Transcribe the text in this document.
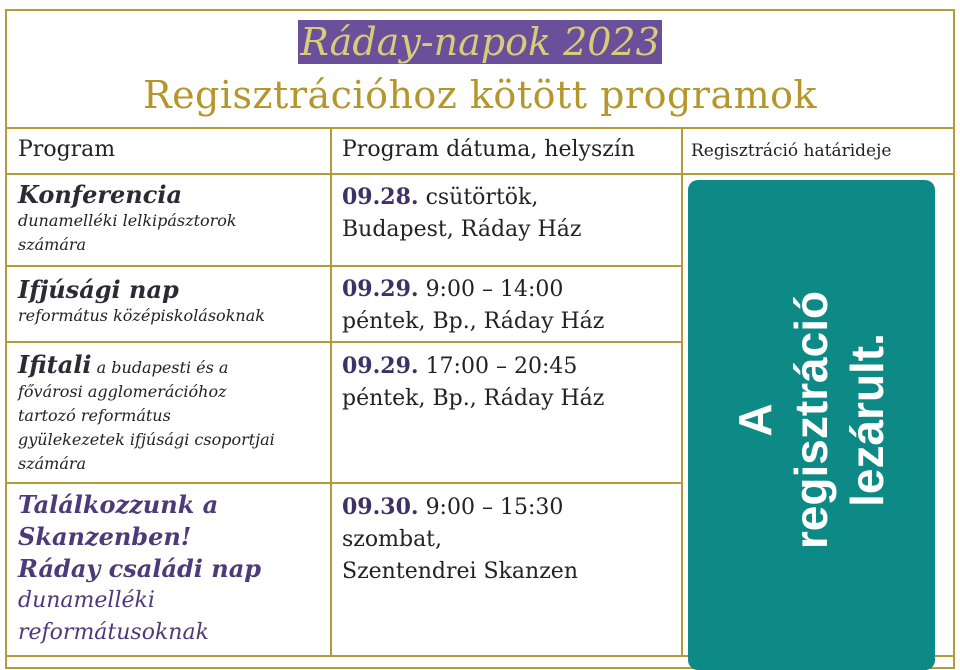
Ráday-napok 2023
Regisztrációhoz kötött programok
Program	Program dátuma, helyszín	Regisztráció határideje
Konferencia
dunamelléki lelkipásztorok
számára
09.28. csütörtök,
Budapest, Ráday Ház
Ifjúsági nap
református középiskolásoknak
09.29. 9:00 – 14:00
péntek, Bp., Ráday Ház
Ifitali a budapesti és a
fővárosi agglomerációhoz
tartozó református
gyülekezetek ifjúsági csoportjai
számára
09.29. 17:00 – 20:45
péntek, Bp., Ráday Ház
Találkozzunk a
Skanzenben!
Ráday családi nap
dunamelléki
reformátusoknak
09.30. 9:00 – 15:30
szombat,
Szentendrei Skanzen
A regisztráció lezárult.
